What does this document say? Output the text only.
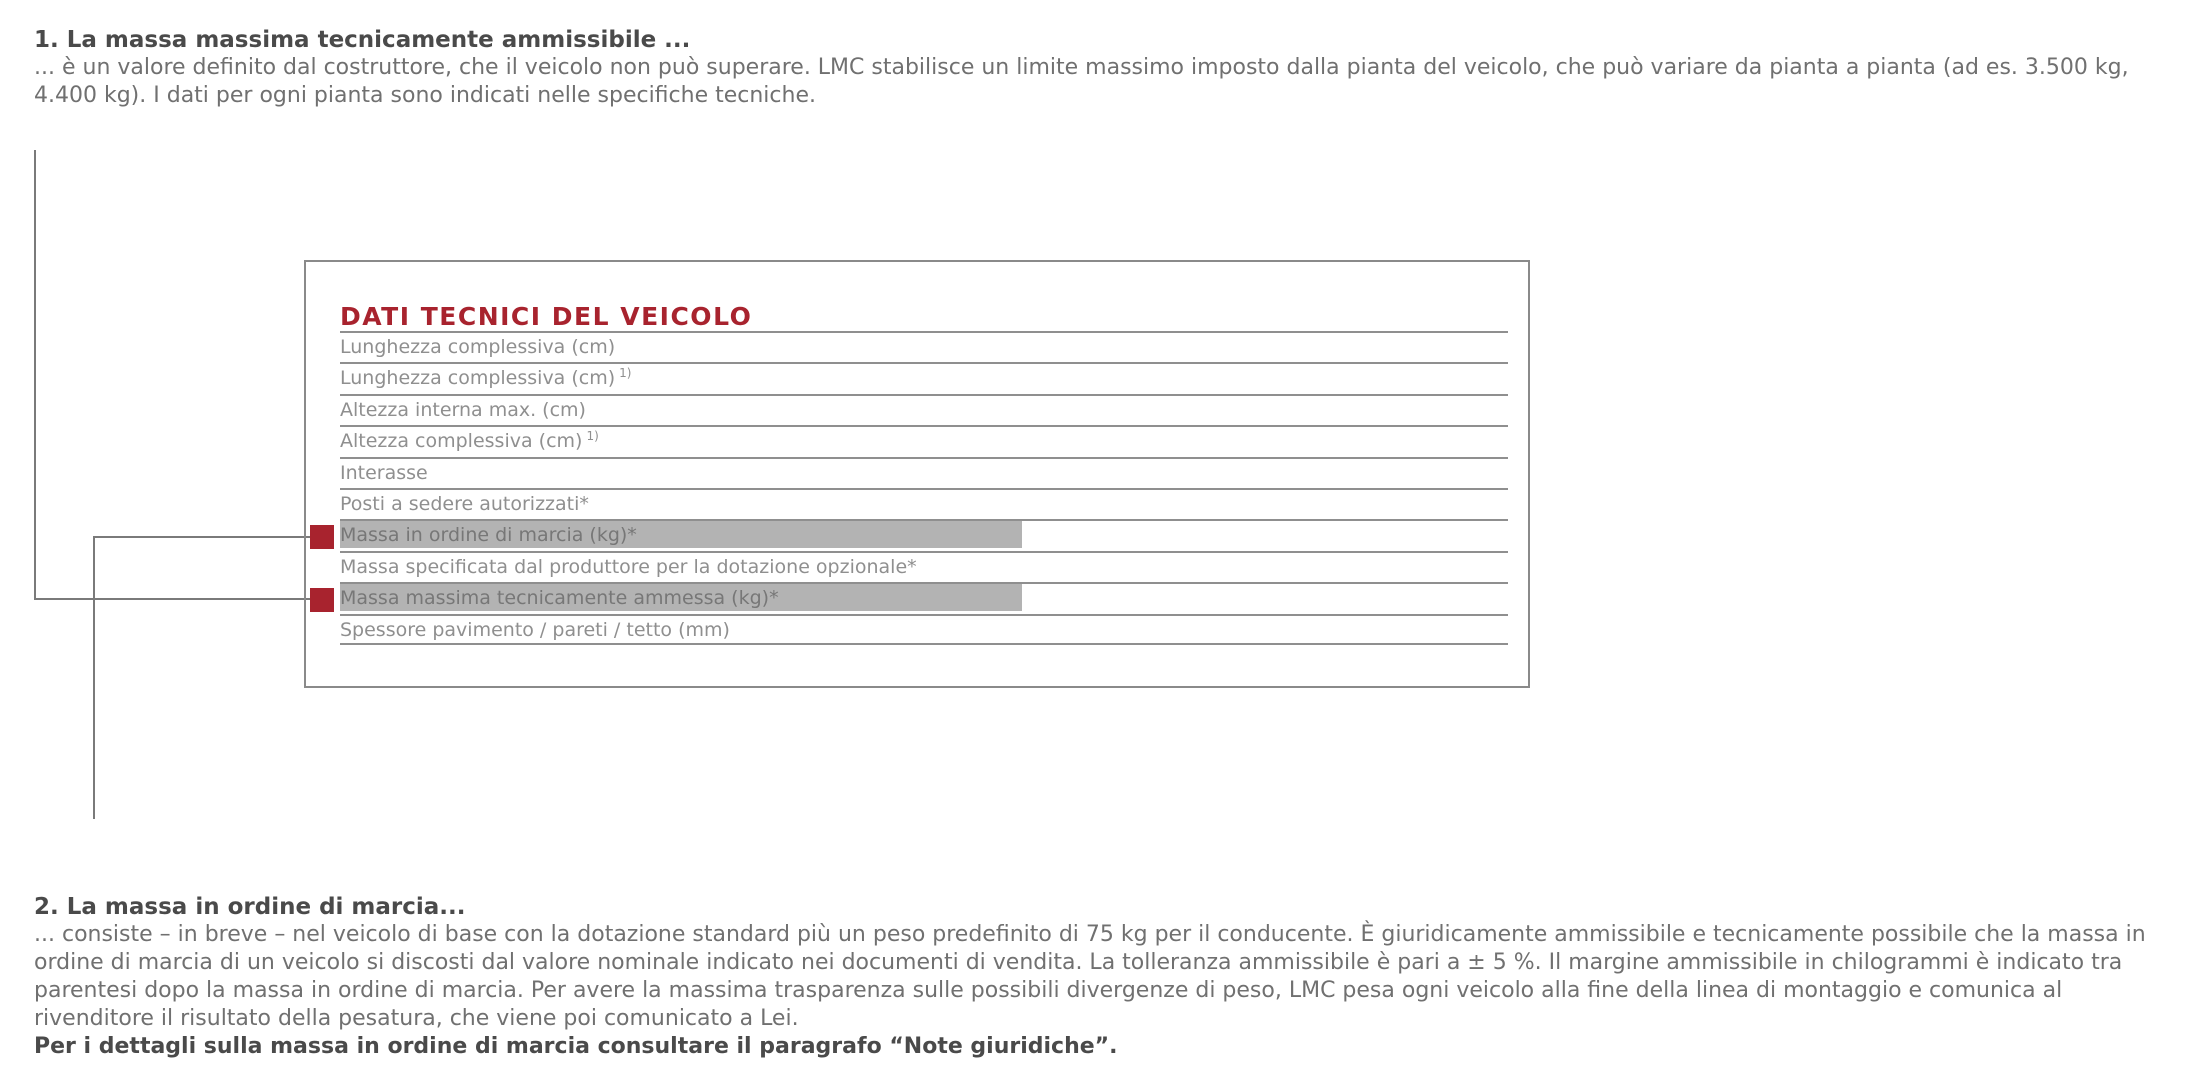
1. La massa massima tecnicamente ammissibile ...

... è un valore definito dal costruttore, che il veicolo non può superare. LMC stabilisce un limite massimo imposto dalla pianta del veicolo, che può variare da pianta a pianta (ad es. 3.500 kg, 4.400 kg). I dati per ogni pianta sono indicati nelle specifiche tecniche.

DATI TECNICI DEL VEICOLO
Lunghezza complessiva (cm)
Lunghezza complessiva (cm) $^{1)}$
Altezza interna max. (cm)
Altezza complessiva (cm) $^{1)}$
Interasse
Posti a sedere autorizzati*
Massa in ordine di marcia (kg)*
Massa specificata dal produttore per la dotazione opzionale*
Massa massima tecnicamente ammessa (kg)*
Spessore pavimento / pareti / tetto (mm)
2. La massa in ordine di marcia...

... consiste – in breve – nel veicolo di base con la dotazione standard più un peso predefinito di 75 kg per il conducente. È giuridicamente ammissibile e tecnicamente possibile che la massa in ordine di marcia di un veicolo si discosti dal valore nominale indicato nei documenti di vendita. La tolleranza ammissibile è pari a ± 5 %. Il margine ammissibile in chilogrammi è indicato tra parentesi dopo la massa in ordine di marcia. Per avere la massima trasparenza sulle possibili divergenze di peso, LMC pesa ogni veicolo alla fine della linea di montaggio e comunica al rivenditore il risultato della pesatura, che viene poi comunicato a Lei.
Per i dettagli sulla massa in ordine di marcia consultare il paragrafo “Note giuridiche”.
